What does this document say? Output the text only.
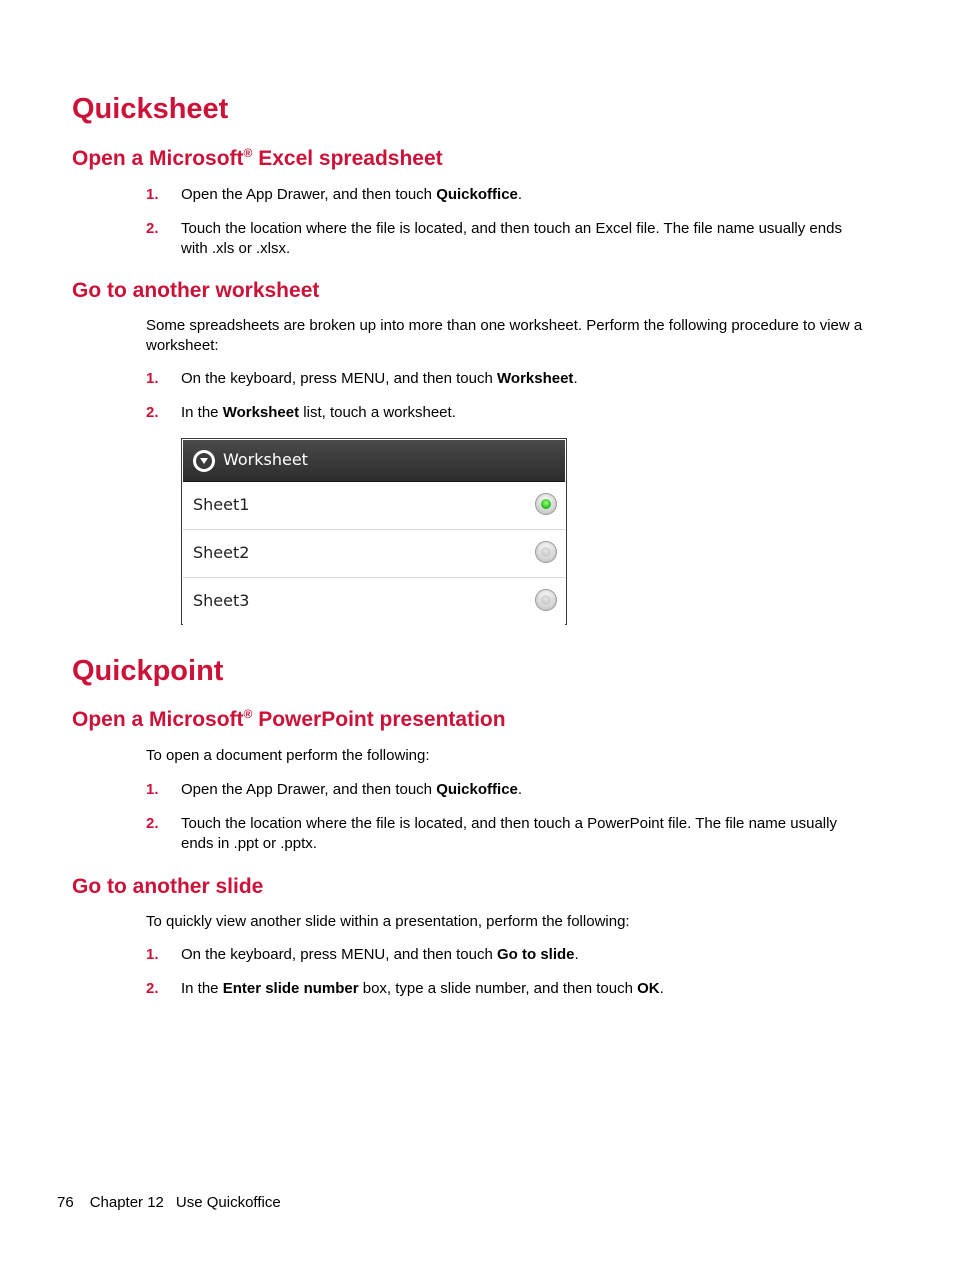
Quicksheet
Open a Microsoft® Excel spreadsheet
1. Open the App Drawer, and then touch Quickoffice.
2. Touch the location where the file is located, and then touch an Excel file. The file name usually ends with .xls or .xlsx.
Go to another worksheet

Some spreadsheets are broken up into more than one worksheet. Perform the following procedure to view a worksheet:

1. On the keyboard, press MENU, and then touch Worksheet.
2. In the Worksheet list, touch a worksheet.
Worksheet
Sheet1
Sheet2
Sheet3
Quickpoint
Open a Microsoft® PowerPoint presentation

To open a document perform the following:

1. Open the App Drawer, and then touch Quickoffice.
2. Touch the location where the file is located, and then touch a PowerPoint file. The file name usually ends in .ppt or .pptx.
Go to another slide

To quickly view another slide within a presentation, perform the following:

1. On the keyboard, press MENU, and then touch Go to slide.
2. In the Enter slide number box, type a slide number, and then touch OK.
76 Chapter 12 Use Quickoffice
